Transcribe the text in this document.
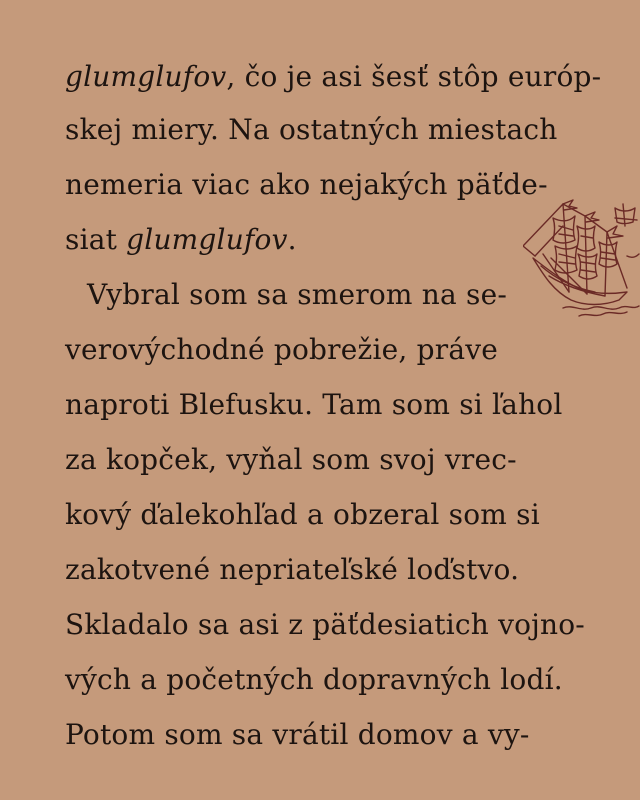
glumglufov, čo je asi šesť stôp európ-
skej miery. Na ostatných miestach
nemeria viac ako nejakých päťde-
siat glumglufov.
Vybral som sa smerom na se-
verovýchodné pobrežie, práve
naproti Blefusku. Tam som si ľahol
za kopček, vyňal som svoj vrec-
kový ďalekohľad a obzeral som si
zakotvené nepriateľské loďstvo.
Skladalo sa asi z päťdesiatich vojno-
vých a početných dopravných lodí.
Potom som sa vrátil domov a vy-
